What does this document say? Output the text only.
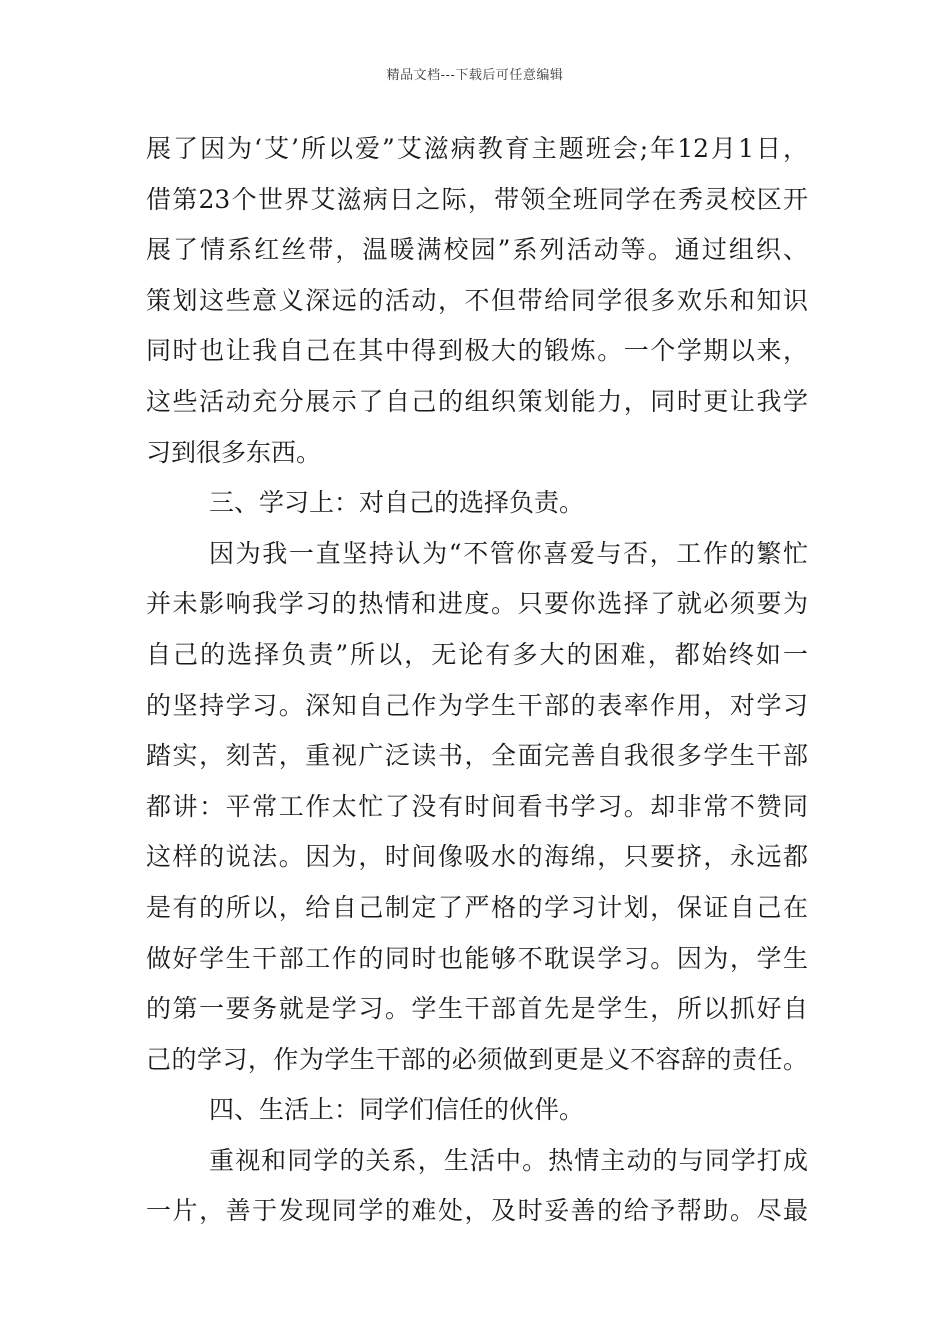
精品文档---下载后可任意编辑
展了因为‘艾’所以爱”艾滋病教育主题班会;年12月1日，
借第23个世界艾滋病日之际，带领全班同学在秀灵校区开
展了情系红丝带，温暖满校园”系列活动等。通过组织、
策划这些意义深远的活动，不但带给同学很多欢乐和知识
同时也让我自己在其中得到极大的锻炼。一个学期以来，
这些活动充分展示了自己的组织策划能力，同时更让我学
习到很多东西。
三、学习上：对自己的选择负责。
因为我一直坚持认为“不管你喜爱与否，工作的繁忙
并未影响我学习的热情和进度。只要你选择了就必须要为
自己的选择负责”所以，无论有多大的困难，都始终如一
的坚持学习。深知自己作为学生干部的表率作用，对学习
踏实，刻苦，重视广泛读书，全面完善自我很多学生干部
都讲：平常工作太忙了没有时间看书学习。却非常不赞同
这样的说法。因为，时间像吸水的海绵，只要挤，永远都
是有的所以，给自己制定了严格的学习计划，保证自己在
做好学生干部工作的同时也能够不耽误学习。因为，学生
的第一要务就是学习。学生干部首先是学生，所以抓好自
己的学习，作为学生干部的必须做到更是义不容辞的责任。
四、生活上：同学们信任的伙伴。
重视和同学的关系，生活中。热情主动的与同学打成
一片，善于发现同学的难处，及时妥善的给予帮助。尽最
